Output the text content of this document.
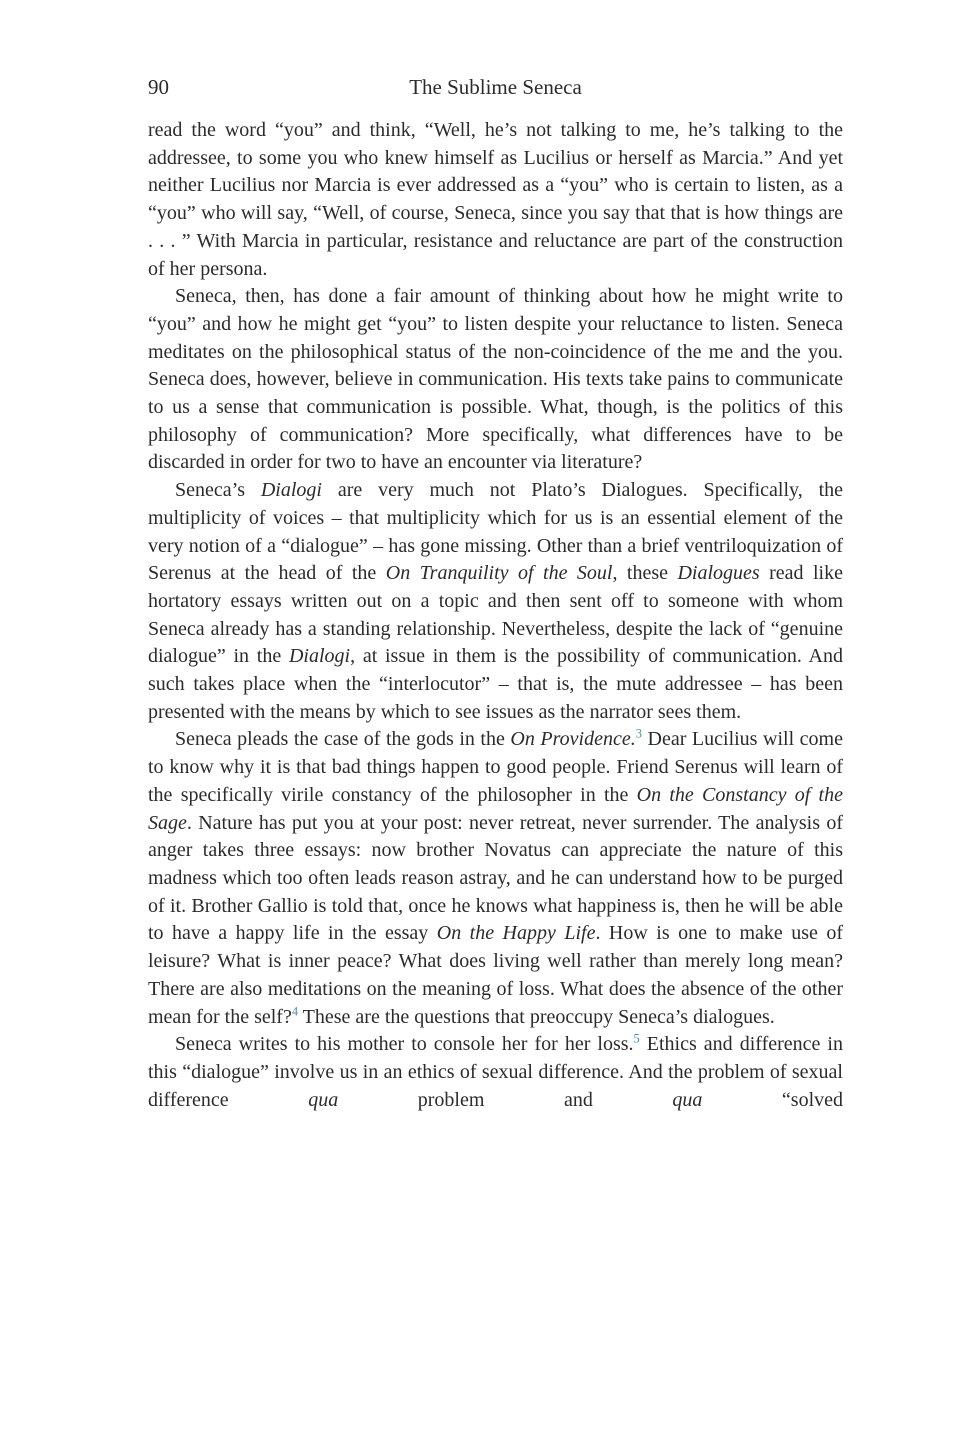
90	The Sublime Seneca

read the word “you” and think, “Well, he’s not talking to me, he’s talking to the addressee, to some you who knew himself as Lucilius or herself as Marcia.” And yet neither Lucilius nor Marcia is ever addressed as a “you” who is certain to listen, as a “you” who will say, “Well, of course, Seneca, since you say that that is how things are . . . ” With Marcia in particular, resistance and reluctance are part of the construction of her persona.

Seneca, then, has done a fair amount of thinking about how he might write to “you” and how he might get “you” to listen despite your reluctance to listen. Seneca meditates on the philosophical status of the non-coincidence of the me and the you. Seneca does, however, believe in communication. His texts take pains to communicate to us a sense that communication is possible. What, though, is the politics of this philosophy of communication? More specifically, what differences have to be discarded in order for two to have an encounter via literature?

Seneca’s Dialogi are very much not Plato’s Dialogues. Specifically, the multiplicity of voices – that multiplicity which for us is an essential element of the very notion of a “dialogue” – has gone missing. Other than a brief ventriloquization of Serenus at the head of the On Tranquility of the Soul, these Dialogues read like hortatory essays written out on a topic and then sent off to someone with whom Seneca already has a standing relationship. Nevertheless, despite the lack of “genuine dialogue” in the Dialogi, at issue in them is the possibility of communication. And such takes place when the “interlocutor” – that is, the mute addressee – has been presented with the means by which to see issues as the narrator sees them.

Seneca pleads the case of the gods in the On Providence.$^3$ Dear Lucilius will come to know why it is that bad things happen to good people. Friend Serenus will learn of the specifically virile constancy of the philosopher in the On the Constancy of the Sage. Nature has put you at your post: never retreat, never surrender. The analysis of anger takes three essays: now brother Novatus can appreciate the nature of this madness which too often leads reason astray, and he can understand how to be purged of it. Brother Gallio is told that, once he knows what happiness is, then he will be able to have a happy life in the essay On the Happy Life. How is one to make use of leisure? What is inner peace? What does living well rather than merely long mean? There are also meditations on the meaning of loss. What does the absence of the other mean for the self?$^4$ These are the questions that preoccupy Seneca’s dialogues.

Seneca writes to his mother to console her for her loss.$^5$ Ethics and difference in this “dialogue” involve us in an ethics of sexual difference. And the problem of sexual difference qua problem and qua “solved
